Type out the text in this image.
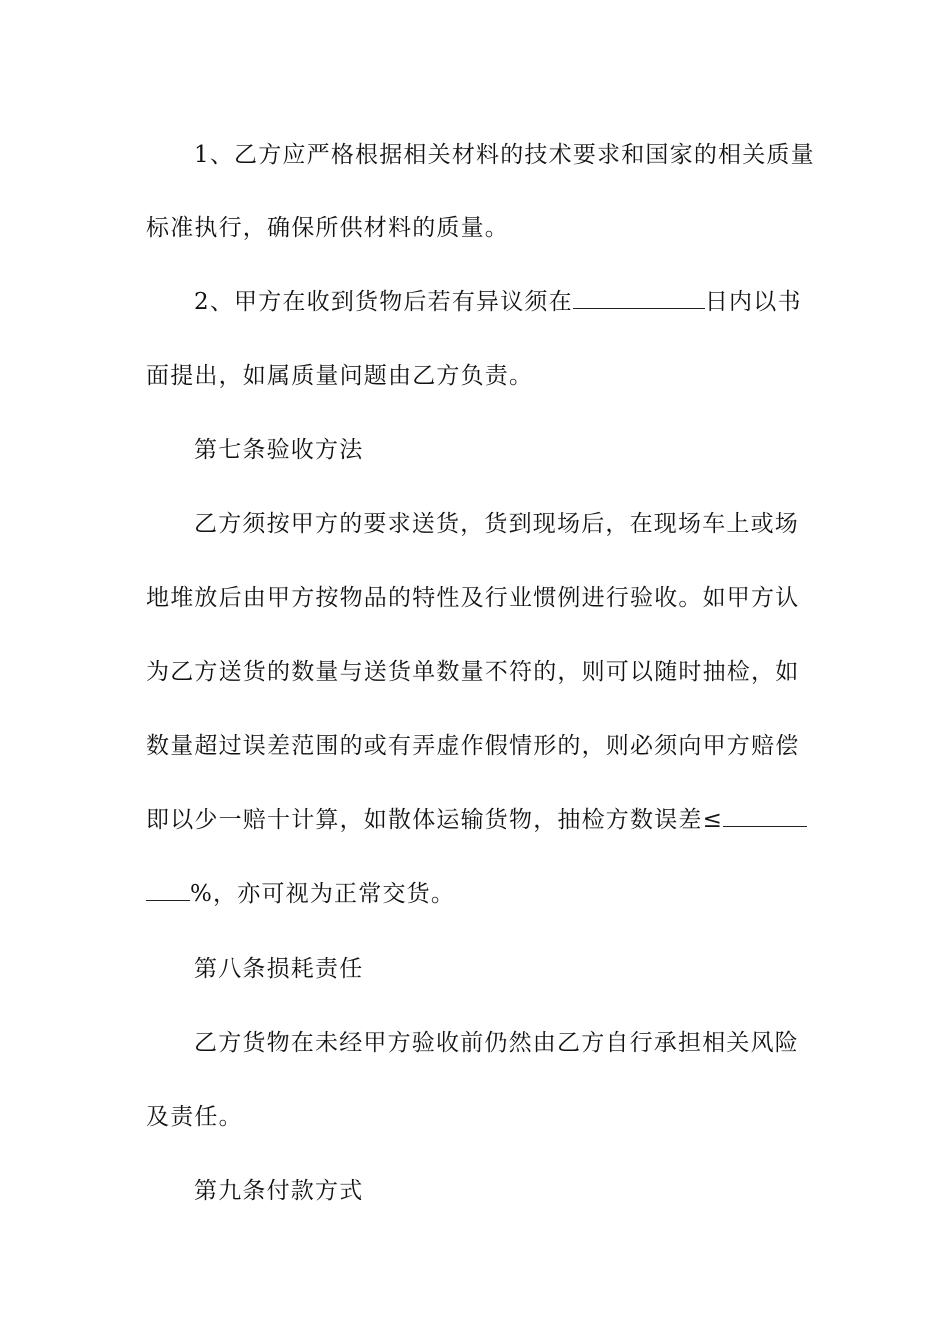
1、乙方应严格根据相关材料的技术要求和国家的相关质量
标准执行，确保所供材料的质量。
2、甲方在收到货物后若有异议须在	日内以书
面提出，如属质量问题由乙方负责。
第七条验收方法
乙方须按甲方的要求送货，货到现场后，在现场车上或场
地堆放后由甲方按物品的特性及行业惯例进行验收。如甲方认
为乙方送货的数量与送货单数量不符的，则可以随时抽检，如
数量超过误差范围的或有弄虚作假情形的，则必须向甲方赔偿
即以少一赔十计算，如散体运输货物，抽检方数误差≤
%，亦可视为正常交货。
第八条损耗责任
乙方货物在未经甲方验收前仍然由乙方自行承担相关风险
及责任。
第九条付款方式
